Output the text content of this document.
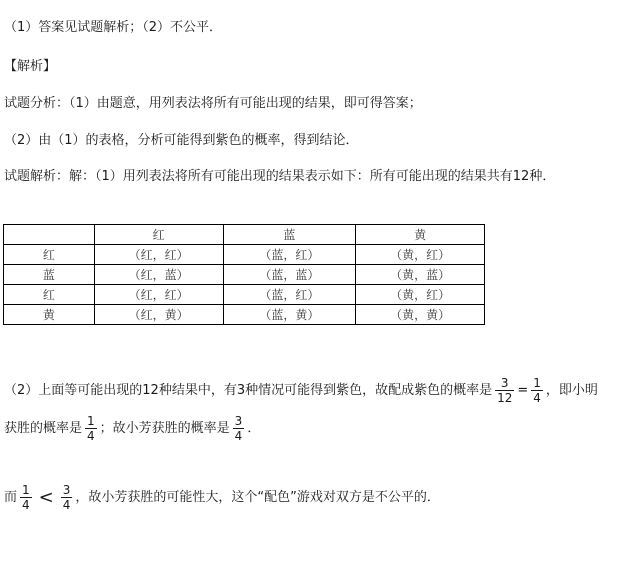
（1）答案见试题解析；（2）不公平．
【解析】
试题分析：（1）由题意，用列表法将所有可能出现的结果，即可得答案；
（2）由（1）的表格，分析可能得到紫色的概率，得到结论．
试题解析：解：（1）用列表法将所有可能出现的结果表示如下：所有可能出现的结果共有12种．
	红	蓝	黄
红	（红，红）	（蓝，红）	（黄，红）
蓝	（红，蓝）	（蓝，蓝）	（黄，蓝）
红	（红，红）	（蓝，红）	（黄，红）
黄	（红，黄）	（蓝，黄）	（黄，黄）
（2）上面等可能出现的12种结果中，有3种情况可能得到紫色，故配成紫色的概率是 $\frac{3}{12} = \frac{1}{4}$ ，即小明
获胜的概率是 $\frac{1}{4}$ ；故小芳获胜的概率是 $\frac{3}{4}$ ．
而 $\frac{1}{4} < \frac{3}{4}$ ，故小芳获胜的可能性大，这个“配色”游戏对双方是不公平的．
